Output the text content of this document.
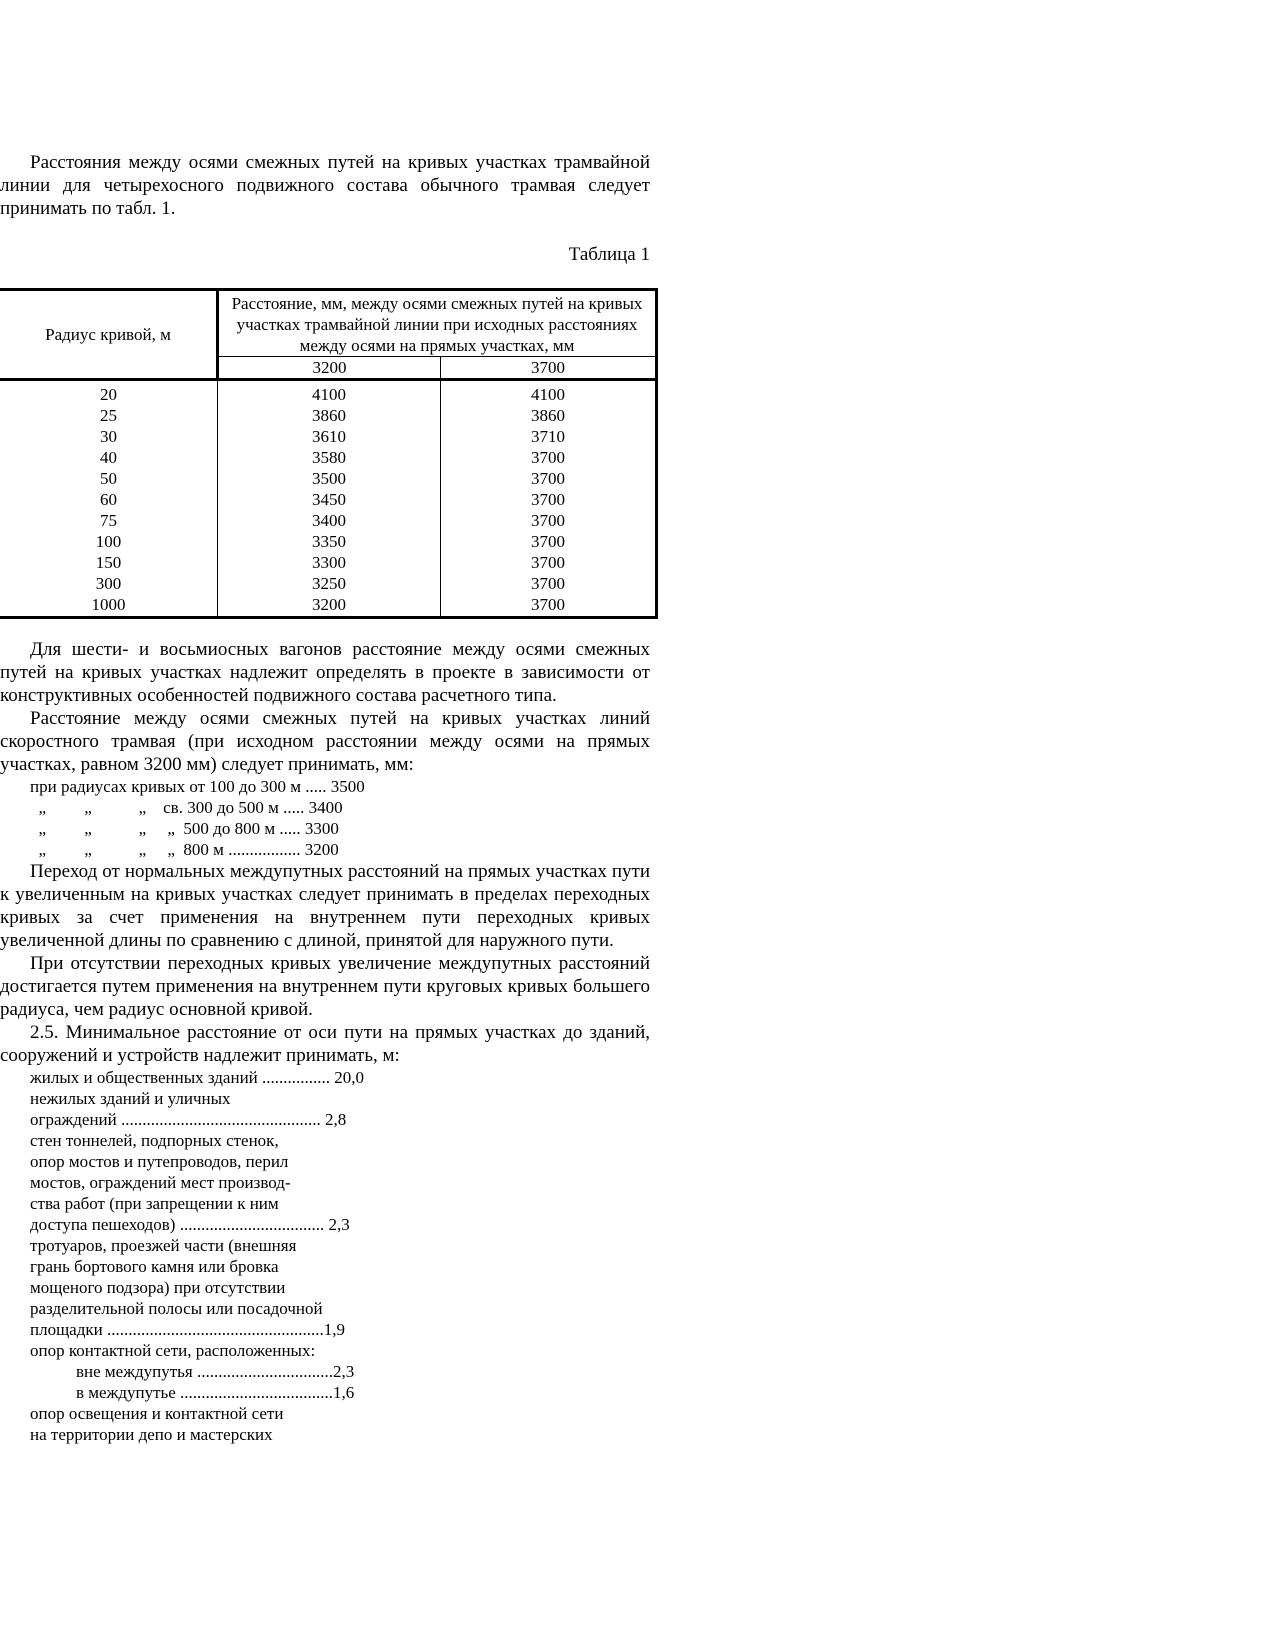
Расстояния между осями смежных путей на кривых участках трамвайной линии для четырехосного подвижного состава обычного трамвая следует принимать по табл. 1.

Таблица 1
Радиус кривой, м	Расстояние, мм, между осями смежных путей на кривых участках трамвайной линии при исходных расстояниях между осями на прямых участках, мм	
	3200	3700
20	4100	4100
25	3860	3860
30	3610	3710
40	3580	3700
50	3500	3700
60	3450	3700
75	3400	3700
100	3350	3700
150	3300	3700
300	3250	3700
1000	3200	3700

Для шести- и восьмиосных вагонов расстояние между осями смежных путей на кривых участках надлежит определять в проекте в зависимости от конструктивных особенностей подвижного состава расчетного типа.

Расстояние между осями смежных путей на кривых участках линий скоростного трамвая (при исходном расстоянии между осями на прямых участках, равном 3200 мм) следует принимать, мм:

при радиусах кривых от 100 до 300 м ..... 3500
„         „           „    св. 300 до 500 м ..... 3400
„         „           „     „  500 до 800 м ..... 3300
„         „           „     „  800 м ................. 3200

Переход от нормальных междупутных расстояний на прямых участках пути к увеличенным на кривых участках следует принимать в пределах переходных кривых за счет применения на внутреннем пути переходных кривых увеличенной длины по сравнению с длиной, принятой для наружного пути.

При отсутствии переходных кривых увеличение междупутных расстояний достигается путем применения на внутреннем пути круговых кривых большего радиуса, чем радиус основной кривой.

2.5. Минимальное расстояние от оси пути на прямых участках до зданий, сооружений и устройств надлежит принимать, м:

жилых и общественных зданий ................ 20,0
нежилых зданий и уличных
ограждений ............................................... 2,8
стен тоннелей, подпорных стенок,
опор мостов и путепроводов, перил
мостов, ограждений мест производ-
ства работ (при запрещении к ним
доступа пешеходов) .................................. 2,3
тротуаров, проезжей части (внешняя
грань бортового камня или бровка
мощеного подзора) при отсутствии
разделительной полосы или посадочной
площадки ...................................................1,9
опор контактной сети, расположенных:
вне междупутья ................................2,3
в междупутье ....................................1,6
опор освещения и контактной сети
на территории депо и мастерских
